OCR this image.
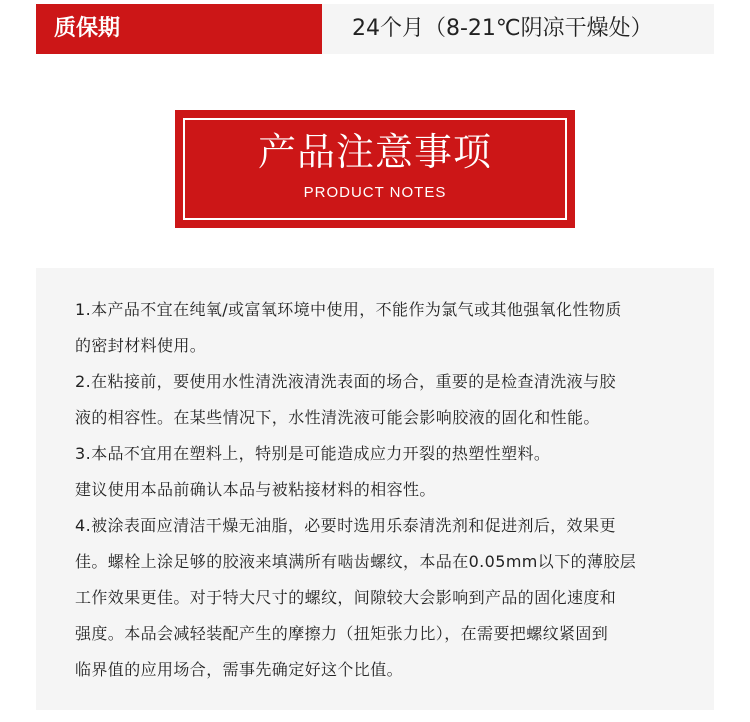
质保期	24个月（8-21℃阴凉干燥处）
产品注意事项
PRODUCT NOTES
1.本产品不宜在纯氧/或富氧环境中使用，不能作为氯气或其他强氧化性物质
的密封材料使用。
2.在粘接前，要使用水性清洗液清洗表面的场合，重要的是检查清洗液与胶
液的相容性。在某些情况下，水性清洗液可能会影响胶液的固化和性能。
3.本品不宜用在塑料上，特别是可能造成应力开裂的热塑性塑料。
建议使用本品前确认本品与被粘接材料的相容性。
4.被涂表面应清洁干燥无油脂，必要时选用乐泰清洗剂和促进剂后，效果更
佳。螺栓上涂足够的胶液来填满所有啮齿螺纹，本品在0.05mm以下的薄胶层
工作效果更佳。对于特大尺寸的螺纹，间隙较大会影响到产品的固化速度和
强度。本品会减轻装配产生的摩擦力（扭矩张力比），在需要把螺纹紧固到
临界值的应用场合，需事先确定好这个比值。
